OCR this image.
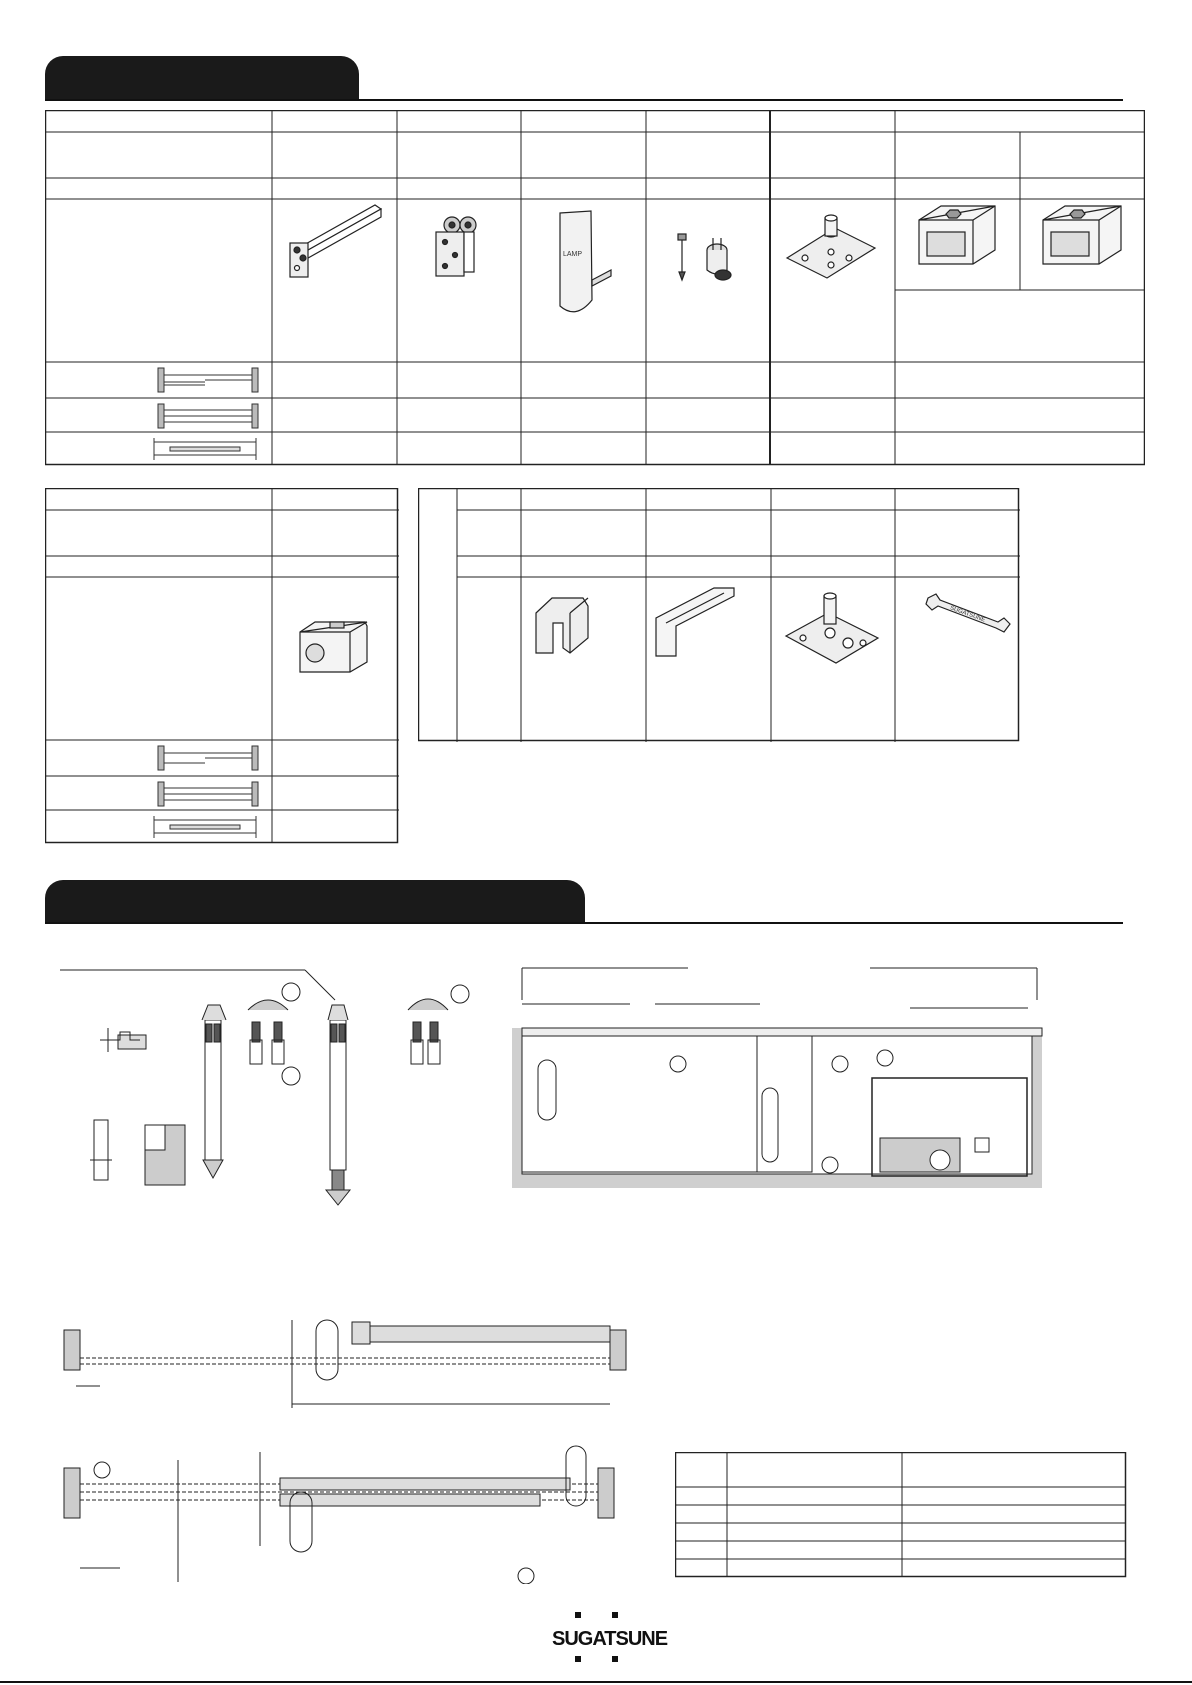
LAMP
SUGATSUNE
SUGATSUNE
